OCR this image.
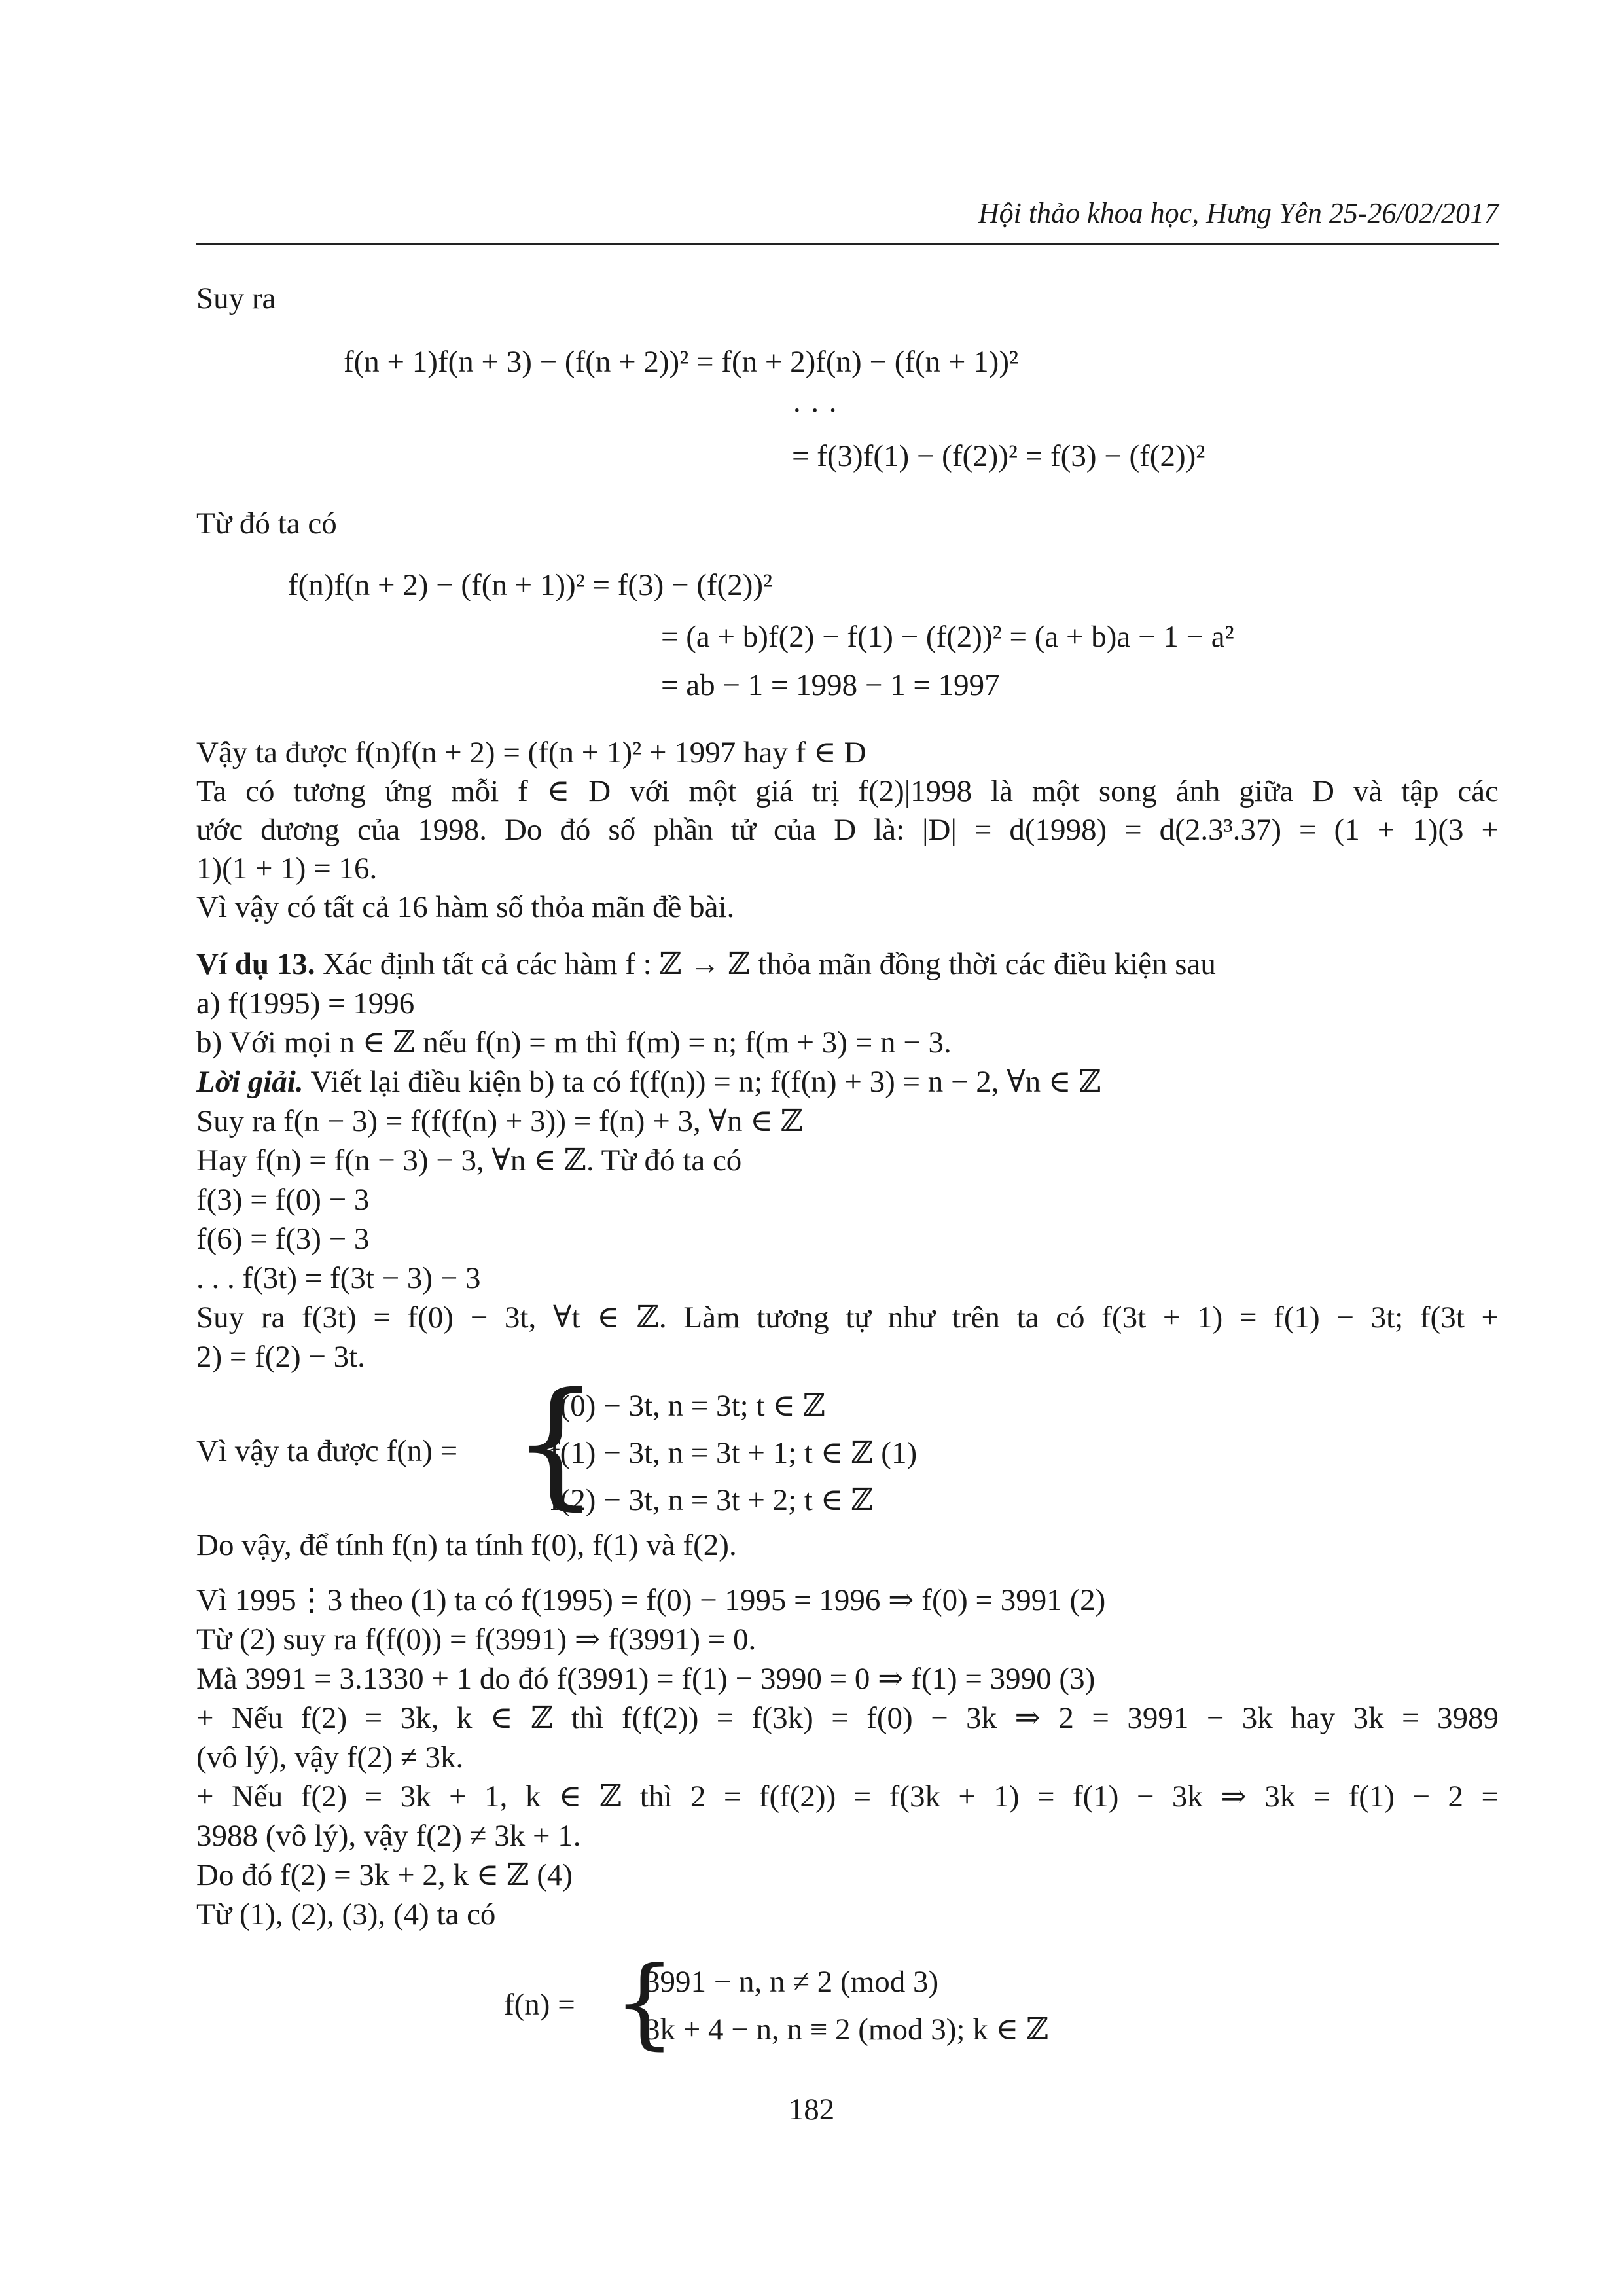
Hội thảo khoa học, Hưng Yên 25-26/02/2017
Suy ra
f(n + 1)f(n + 3) − (f(n + 2))² = f(n + 2)f(n) − (f(n + 1))²
· · ·
= f(3)f(1) − (f(2))² = f(3) − (f(2))²
Từ đó ta có
f(n)f(n + 2) − (f(n + 1))² = f(3) − (f(2))²
= (a + b)f(2) − f(1) − (f(2))² = (a + b)a − 1 − a²
= ab − 1 = 1998 − 1 = 1997
Vậy ta được f(n)f(n + 2) = (f(n + 1)² + 1997 hay f ∈ D
Ta có tương ứng mỗi f ∈ D với một giá trị f(2)|1998 là một song ánh giữa D và tập các
ước dương của 1998. Do đó số phần tử của D là: |D| = d(1998) = d(2.3³.37) = (1 + 1)(3 +
1)(1 + 1) = 16.
Vì vậy có tất cả 16 hàm số thỏa mãn đề bài.
Ví dụ 13. Xác định tất cả các hàm f : ℤ → ℤ thỏa mãn đồng thời các điều kiện sau
a) f(1995) = 1996
b) Với mọi n ∈ ℤ nếu f(n) = m thì f(m) = n; f(m + 3) = n − 3.
Lời giải. Viết lại điều kiện b) ta có f(f(n)) = n; f(f(n) + 3) = n − 2, ∀n ∈ ℤ
Suy ra f(n − 3) = f(f(f(n) + 3)) = f(n) + 3, ∀n ∈ ℤ
Hay f(n) = f(n − 3) − 3, ∀n ∈ ℤ. Từ đó ta có
f(3) = f(0) − 3
f(6) = f(3) − 3
. . . f(3t) = f(3t − 3) − 3
Suy ra f(3t) = f(0) − 3t, ∀t ∈ ℤ. Làm tương tự như trên ta có f(3t + 1) = f(1) − 3t; f(3t +
2) = f(2) − 3t.
Vì vậy ta được f(n) = {
f(0) − 3t, n = 3t; t ∈ ℤ
f(1) − 3t, n = 3t + 1; t ∈ ℤ (1)
f(2) − 3t, n = 3t + 2; t ∈ ℤ
Do vậy, để tính f(n) ta tính f(0), f(1) và f(2).
Vì 1995⋮3 theo (1) ta có f(1995) = f(0) − 1995 = 1996 ⇒ f(0) = 3991 (2)
Từ (2) suy ra f(f(0)) = f(3991) ⇒ f(3991) = 0.
Mà 3991 = 3.1330 + 1 do đó f(3991) = f(1) − 3990 = 0 ⇒ f(1) = 3990 (3)
+ Nếu f(2) = 3k, k ∈ ℤ thì f(f(2)) = f(3k) = f(0) − 3k ⇒ 2 = 3991 − 3k hay 3k = 3989
(vô lý), vậy f(2) ≠ 3k.
+ Nếu f(2) = 3k + 1, k ∈ ℤ thì 2 = f(f(2)) = f(3k + 1) = f(1) − 3k ⇒ 3k = f(1) − 2 =
3988 (vô lý), vậy f(2) ≠ 3k + 1.
Do đó f(2) = 3k + 2, k ∈ ℤ (4)
Từ (1), (2), (3), (4) ta có
f(n) = {
3991 − n, n ≠ 2 (mod 3)
3k + 4 − n, n ≡ 2 (mod 3); k ∈ ℤ
182
